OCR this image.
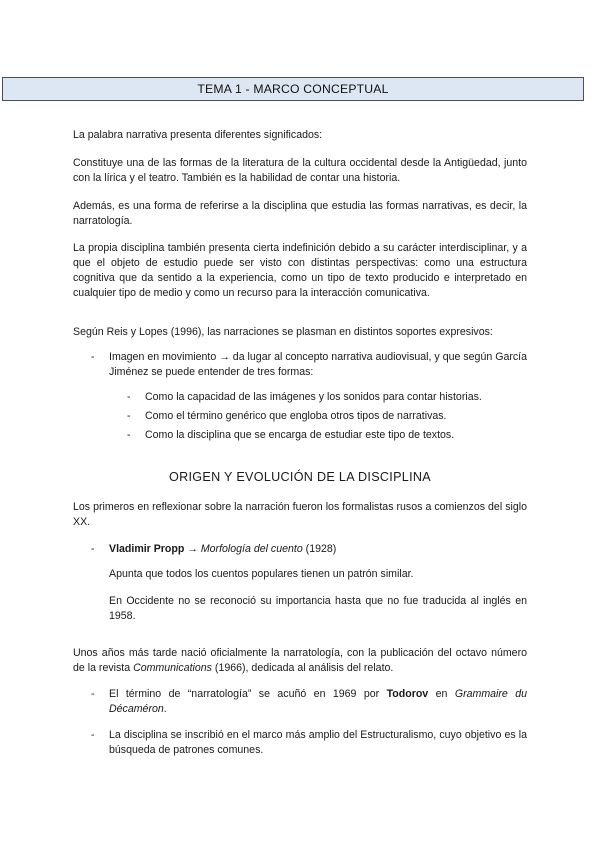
TEMA 1 - MARCO CONCEPTUAL

La palabra narrativa presenta diferentes significados:

Constituye una de las formas de la literatura de la cultura occidental desde la Antigüedad, junto con la lírica y el teatro. También es la habilidad de contar una historia.

Además, es una forma de referirse a la disciplina que estudia las formas narrativas, es decir, la narratología.

La propia disciplina también presenta cierta indefinición debido a su carácter interdisciplinar, y a que el objeto de estudio puede ser visto con distintas perspectivas: como una estructura cognitiva que da sentido a la experiencia, como un tipo de texto producido e interpretado en cualquier tipo de medio y como un recurso para la interacción comunicativa.

Según Reis y Lopes (1996), las narraciones se plasman en distintos soportes expresivos:

-	Imagen en movimiento → da lugar al concepto narrativa audiovisual, y que según García Jiménez se puede entender de tres formas:
-	Como la capacidad de las imágenes y los sonidos para contar historias.
-	Como el término genérico que engloba otros tipos de narrativas.
-	Como la disciplina que se encarga de estudiar este tipo de textos.
ORIGEN Y EVOLUCIÓN DE LA DISCIPLINA

Los primeros en reflexionar sobre la narración fueron los formalistas rusos a comienzos del siglo XX.

-	Vladimir Propp → Morfología del cuento (1928)

Apunta que todos los cuentos populares tienen un patrón similar.

En Occidente no se reconoció su importancia hasta que no fue traducida al inglés en 1958.

Unos años más tarde nació oficialmente la narratología, con la publicación del octavo número de la revista Communications (1966), dedicada al análisis del relato.

-	El término de “narratología” se acuñó en 1969 por Todorov en Grammaire du Décaméron.
-	La disciplina se inscribió en el marco más amplio del Estructuralismo, cuyo objetivo es la búsqueda de patrones comunes.
